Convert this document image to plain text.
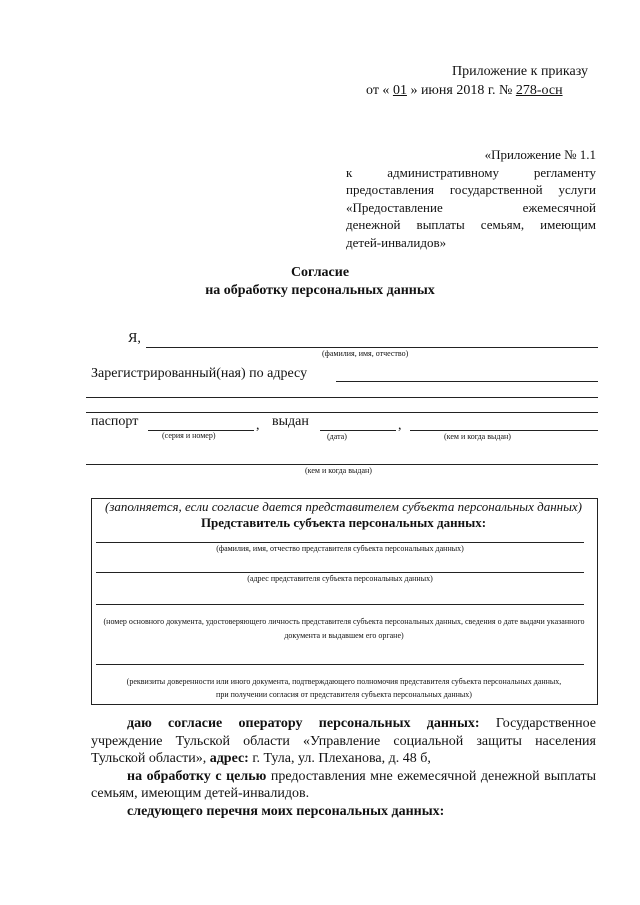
Приложение к приказу
от « 01 » июня 2018 г. № 278-осн
«Приложение № 1.1
к административному регламенту
предоставления государственной услуги
«Предоставление ежемесячной
денежной выплаты семьям, имеющим
детей-инвалидов»
Согласие
на обработку персональных данных
Я,
(фамилия, имя, отчество)
Зарегистрированный(ная) по адресу
паспорт	, выдан	,
(серия и номер)	(дата)	(кем и когда выдан)
(кем и когда выдан)
(заполняется, если согласие дается представителем субъекта персональных данных)
Представитель субъекта персональных данных:
(фамилия, имя, отчество представителя субъекта персональных данных)
(адрес представителя субъекта персональных данных)
(номер основного документа, удостоверяющего личность представителя субъекта персональных данных, сведения о дате выдачи указанного
документа и выдавшем его органе)
(реквизиты доверенности или иного документа, подтверждающего полномочия представителя субъекта персональных данных,
при получении согласия от представителя субъекта персональных данных)
даю согласие оператору персональных данных: Государственное
учреждение Тульской области «Управление социальной защиты населения
Тульской области», адрес: г. Тула, ул. Плеханова, д. 48 б,
на обработку с целью предоставления мне ежемесячной денежной выплаты
семьям, имеющим детей-инвалидов.
следующего перечня моих персональных данных:
